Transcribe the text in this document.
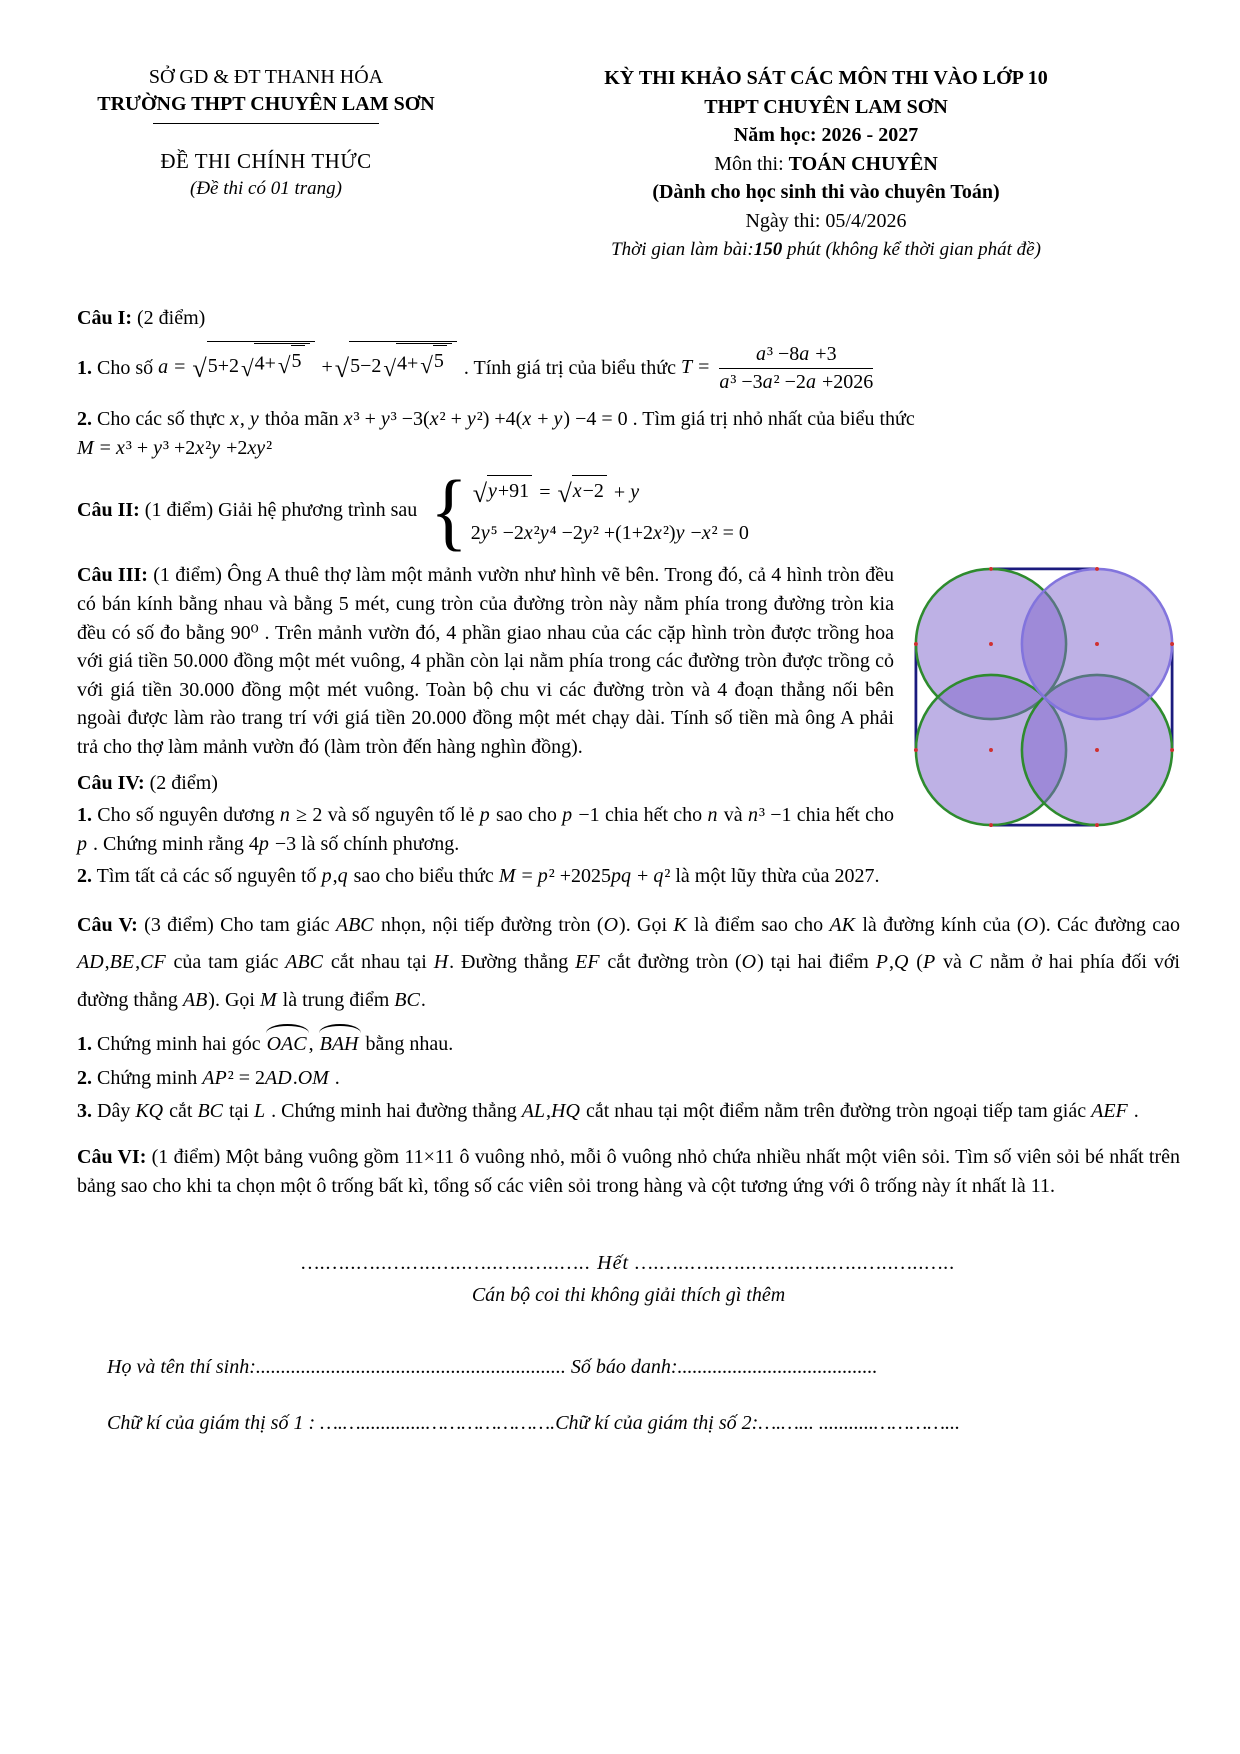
SỞ GD & ĐT THANH HÓA
TRƯỜNG THPT CHUYÊN LAM SƠN
ĐỀ THI CHÍNH THỨC
(Đề thi có 01 trang)
KỲ THI KHẢO SÁT CÁC MÔN THI VÀO LỚP 10
THPT CHUYÊN LAM SƠN
Năm học: 2026 - 2027
Môn thi: TOÁN CHUYÊN
(Dành cho học sinh thi vào chuyên Toán)
Ngày thi: 05/4/2026
Thời gian làm bài:150 phút (không kể thời gian phát đề)
Câu I: (2 điểm)
1. Cho số a = √ 5+2 √ 4+ √ 5 + √ 5−2 √ 4+ √ 5 . Tính giá trị của biểu thức $T = \frac{\text{a³ −8a +3}}{\text{a³ −3a² −2a +2026}}$
2. Cho các số thực x, y thỏa mãn x³ + y³ −3(x² + y²) +4(x + y) −4 = 0 . Tìm giá trị nhỏ nhất của biểu thức
M = x³ + y³ +2x²y +2xy²
Câu II: (1 điểm) Giải hệ phương trình sau { √ y+91 = √ x−2 + y
2y⁵ −2x²y⁴ −2y² +(1+2x²)y −x² = 0
Câu III: (1 điểm) Ông A thuê thợ làm một mảnh vườn như hình vẽ bên. Trong đó, cả 4 hình tròn đều có bán kính bằng nhau và bằng 5 mét, cung tròn của đường tròn này nằm phía trong đường tròn kia đều có số đo bằng 90⁰ . Trên mảnh vườn đó, 4 phần giao nhau của các cặp hình tròn được trồng hoa với giá tiền 50.000 đồng một mét vuông, 4 phần còn lại nằm phía trong các đường tròn được trồng cỏ với giá tiền 30.000 đồng một mét vuông. Toàn bộ chu vi các đường tròn và 4 đoạn thẳng nối bên ngoài được làm rào trang trí với giá tiền 20.000 đồng một mét chạy dài. Tính số tiền mà ông A phải trả cho thợ làm mảnh vườn đó (làm tròn đến hàng nghìn đồng).
Câu IV: (2 điểm)
1. Cho số nguyên dương n ≥ 2 và số nguyên tố lẻ p sao cho p −1 chia hết cho n và n³ −1 chia hết cho p . Chứng minh rằng 4p −3 là số chính phương.
2. Tìm tất cả các số nguyên tố p,q sao cho biểu thức M = p² +2025pq + q² là một lũy thừa của 2027.
Câu V: (3 điểm) Cho tam giác ABC nhọn, nội tiếp đường tròn (O). Gọi K là điểm sao cho AK là đường kính của (O). Các đường cao AD,BE,CF của tam giác ABC cắt nhau tại H. Đường thẳng EF cắt đường tròn (O) tại hai điểm P,Q (P và C nằm ở hai phía đối với đường thẳng AB). Gọi M là trung điểm BC.
1. Chứng minh hai góc OAC , BAH bằng nhau.
2. Chứng minh AP² = 2AD.OM .
3. Dây KQ cắt BC tại L . Chứng minh hai đường thẳng AL,HQ cắt nhau tại một điểm nằm trên đường tròn ngoại tiếp tam giác AEF .
Câu VI: (1 điểm) Một bảng vuông gồm 11×11 ô vuông nhỏ, mỗi ô vuông nhỏ chứa nhiều nhất một viên sỏi. Tìm số viên sỏi bé nhất trên bảng sao cho khi ta chọn một ô trống bất kì, tổng số các viên sỏi trong hàng và cột tương ứng với ô trống này ít nhất là 11.
….…..…..……..…..…..…..…..….. Hết ….…..…..…..……..…..…..…..…..…..
Cán bộ coi thi không giải thích gì thêm
Họ và tên thí sinh:.............................................................. Số báo danh:........................................
Chữ kí của giám thị số 1 : ….….............………………….Chữ kí của giám thị số 2:….…... ...........…………...
